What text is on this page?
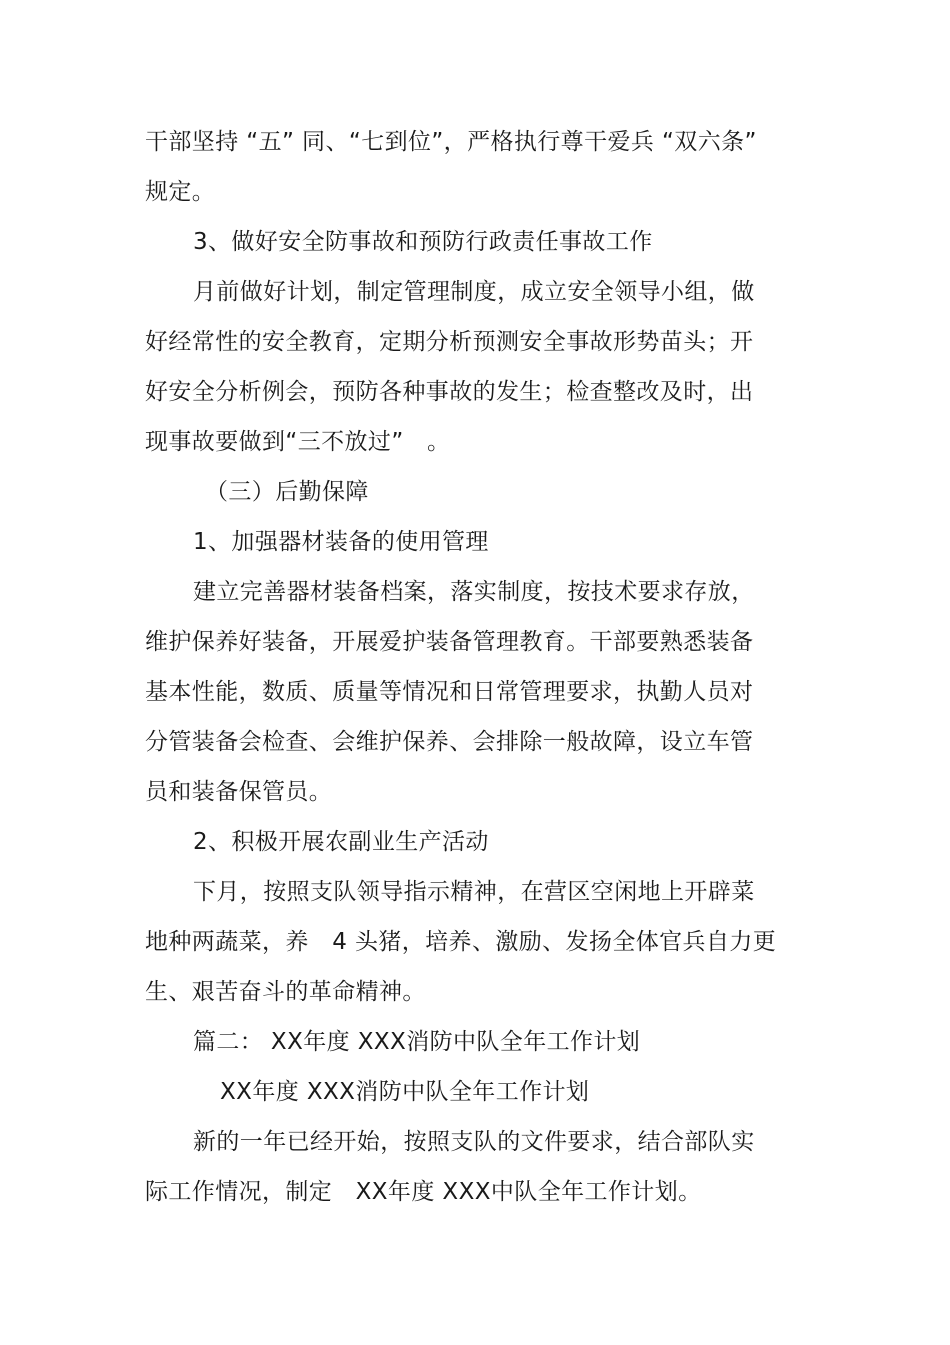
干部坚持 “五” 同、“七到位”，严格执行尊干爱兵 “双六条”
规定。
3、做好安全防事故和预防行政责任事故工作
月前做好计划，制定管理制度，成立安全领导小组，做
好经常性的安全教育，定期分析预测安全事故形势苗头；开
好安全分析例会，预防各种事故的发生；检查整改及时，出
现事故要做到“三不放过”　。
（三）后勤保障
1、加强器材装备的使用管理
建立完善器材装备档案，落实制度，按技术要求存放，
维护保养好装备，开展爱护装备管理教育。干部要熟悉装备
基本性能，数质、质量等情况和日常管理要求，执勤人员对
分管装备会检查、会维护保养、会排除一般故障，设立车管
员和装备保管员。
2、积极开展农副业生产活动
下月，按照支队领导指示精神，在营区空闲地上开辟菜
地种两蔬菜，养　4 头猪，培养、激励、发扬全体官兵自力更
生、艰苦奋斗的革命精神。
篇二： XX年度 XXX消防中队全年工作计划
XX年度 XXX消防中队全年工作计划
新的一年已经开始，按照支队的文件要求，结合部队实
际工作情况，制定　XX年度 XXX中队全年工作计划。
